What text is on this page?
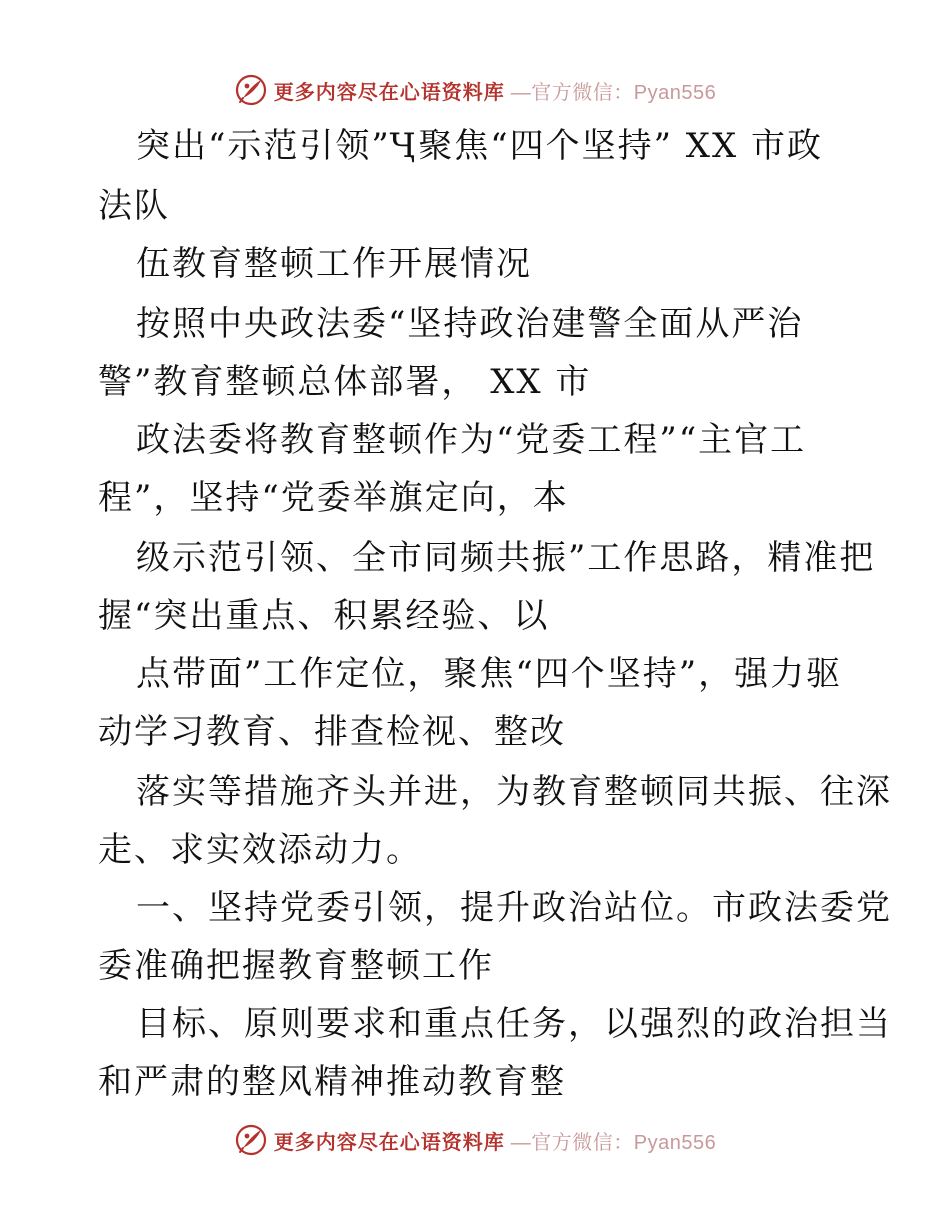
更多内容尽在心语资料库 —官方微信：Pyan556
突出“示范引领”Ҷ聚焦“四个坚持” XX 市政
法队
伍教育整顿工作开展情况
按照中央政法委“坚持政治建警全面从严治
警”教育整顿总体部署， XX 市
政法委将教育整顿作为“党委工程”“主官工
程”，坚持“党委举旗定向，本
级示范引领、全市同频共振”工作思路，精准把
握“突出重点、积累经验、以
点带面”工作定位，聚焦“四个坚持”，强力驱
动学习教育、排查检视、整改
落实等措施齐头并进，为教育整顿同共振、往深
走、求实效添动力。
一、坚持党委引领，提升政治站位。市政法委党
委准确把握教育整顿工作
目标、原则要求和重点任务，以强烈的政治担当
和严肃的整风精神推动教育整
更多内容尽在心语资料库 —官方微信：Pyan556
